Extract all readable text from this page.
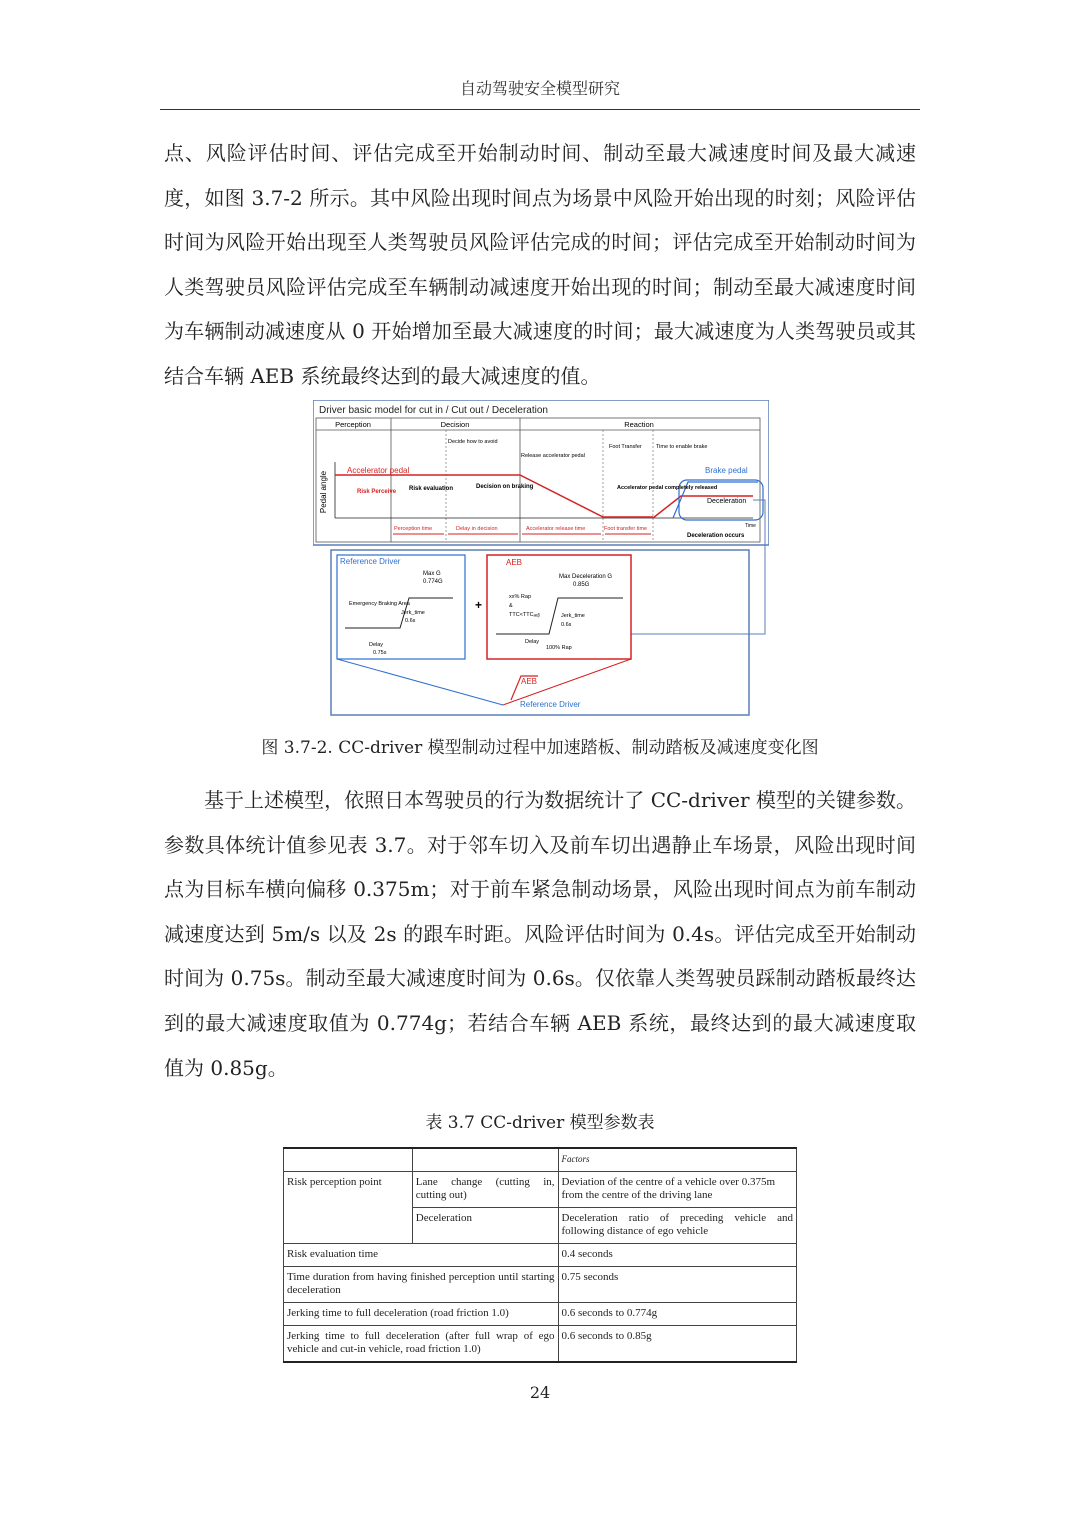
自动驾驶安全模型研究

点、风险评估时间、评估完成至开始制动时间、制动至最大减速度时间及最大减速度，如图 3.7-2 所示。其中风险出现时间点为场景中风险开始出现的时刻；风险评估时间为风险开始出现至人类驾驶员风险评估完成的时间；评估完成至开始制动时间为人类驾驶员风险评估完成至车辆制动减速度开始出现的时间；制动至最大减速度时间为车辆制动减速度从 0 开始增加至最大减速度的时间；最大减速度为人类驾驶员或其结合车辆 AEB 系统最终达到的最大减速度的值。

Driver basic model for cut in / Cut out / Deceleration
Perception	Decision	Reaction
Decide how to avoid
Release accelerator pedal
Foot Transfer	Time to enable brake
Pedal angle
Accelerator pedal	Brake pedal
Deceleration
Risk Perceive Risk evaluation	Decision on braking	Accelerator pedal completely released
Time
Deceleration occurs
Perception time	Delay in decision	Accelerator release time	Foot transfer time
Reference Driver
Max G
0.774G
Emergency Braking Area
Jerk_time
0.6s
Delay
0.75s
+
AEB
Max Deceleration G
0.85G
xx% Rap
&
TTC<TTCₐₑᵦ	Jerk_time
0.6s
Delay
100% Rap
AEB
Reference Driver
图 3.7-2. CC-driver 模型制动过程中加速踏板、制动踏板及减速度变化图

基于上述模型，依照日本驾驶员的行为数据统计了 CC-driver 模型的关键参数。参数具体统计值参见表 3.7。对于邻车切入及前车切出遇静止车场景，风险出现时间点为目标车横向偏移 0.375m；对于前车紧急制动场景，风险出现时间点为前车制动减速度达到 5m/s 以及 2s 的跟车时距。风险评估时间为 0.4s。评估完成至开始制动时间为 0.75s。制动至最大减速度时间为 0.6s。仅依靠人类驾驶员踩制动踏板最终达到的最大减速度取值为 0.774g；若结合车辆 AEB 系统，最终达到的最大减速度取值为 0.85g。

表 3.7 CC-driver 模型参数表
		Factors
Risk perception point	Lane change (cutting in, cutting out)	Deviation of the centre of a vehicle over 0.375m from the centre of the driving lane
	Deceleration	Deceleration ratio of preceding vehicle and following distance of ego vehicle
Risk evaluation time		0.4 seconds
Time duration from having finished perception until starting deceleration		0.75 seconds
Jerking time to full deceleration (road friction 1.0)		0.6 seconds to 0.774g
Jerking time to full deceleration (after full wrap of ego vehicle and cut-in vehicle, road friction 1.0)		0.6 seconds to 0.85g
24
